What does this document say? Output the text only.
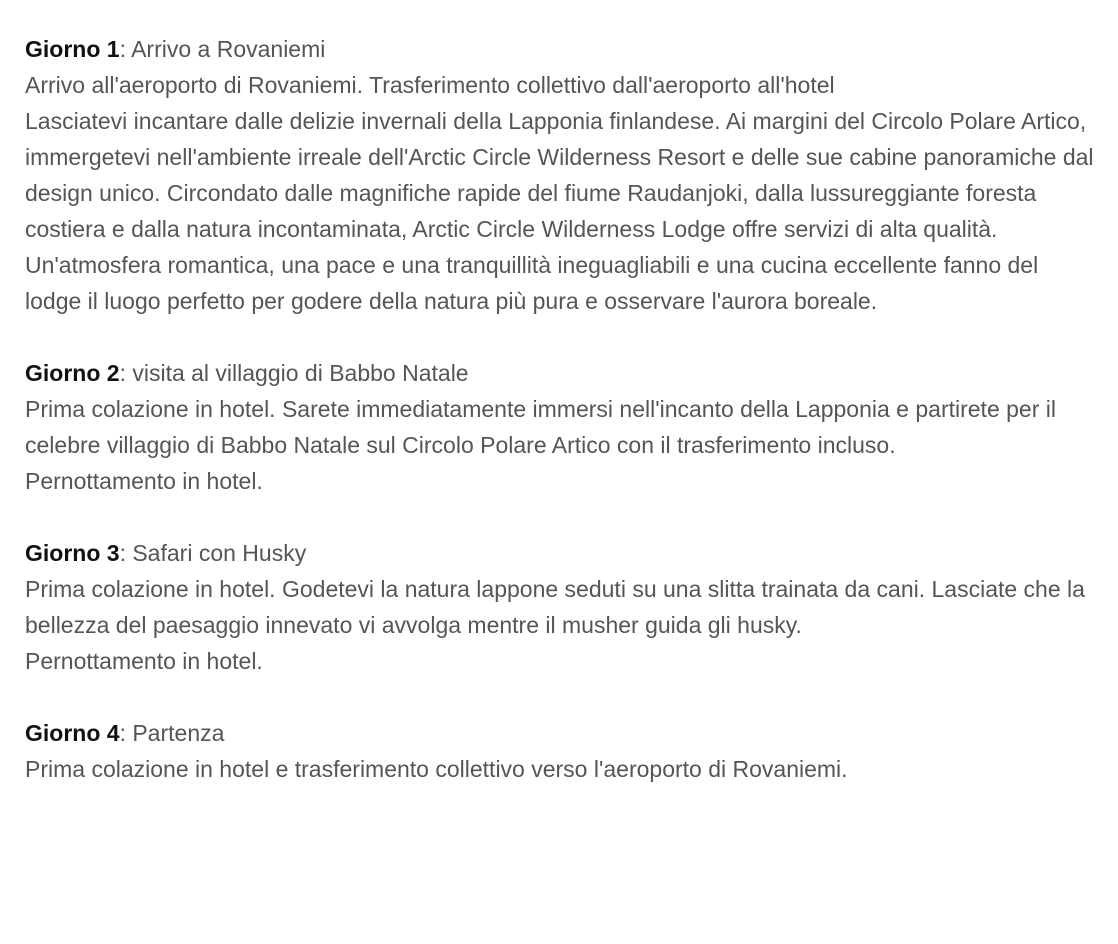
Giorno 1: Arrivo a Rovaniemi

Arrivo all'aeroporto di Rovaniemi. Trasferimento collettivo dall'aeroporto all'hotel

Lasciatevi incantare dalle delizie invernali della Lapponia finlandese. Ai margini del Circolo Polare Artico, immergetevi nell'ambiente irreale dell'Arctic Circle Wilderness Resort e delle sue cabine panoramiche dal design unico. Circondato dalle magnifiche rapide del fiume Raudanjoki, dalla lussureggiante foresta costiera e dalla natura incontaminata, Arctic Circle Wilderness Lodge offre servizi di alta qualità.

Un'atmosfera romantica, una pace e una tranquillità ineguagliabili e una cucina eccellente fanno del lodge il luogo perfetto per godere della natura più pura e osservare l'aurora boreale.

Giorno 2: visita al villaggio di Babbo Natale

Prima colazione in hotel. Sarete immediatamente immersi nell'incanto della Lapponia e partirete per il celebre villaggio di Babbo Natale sul Circolo Polare Artico con il trasferimento incluso.

Pernottamento in hotel.

Giorno 3: Safari con Husky

Prima colazione in hotel. Godetevi la natura lappone seduti su una slitta trainata da cani. Lasciate che la bellezza del paesaggio innevato vi avvolga mentre il musher guida gli husky.

Pernottamento in hotel.

Giorno 4: Partenza

Prima colazione in hotel e trasferimento collettivo verso l'aeroporto di Rovaniemi.
